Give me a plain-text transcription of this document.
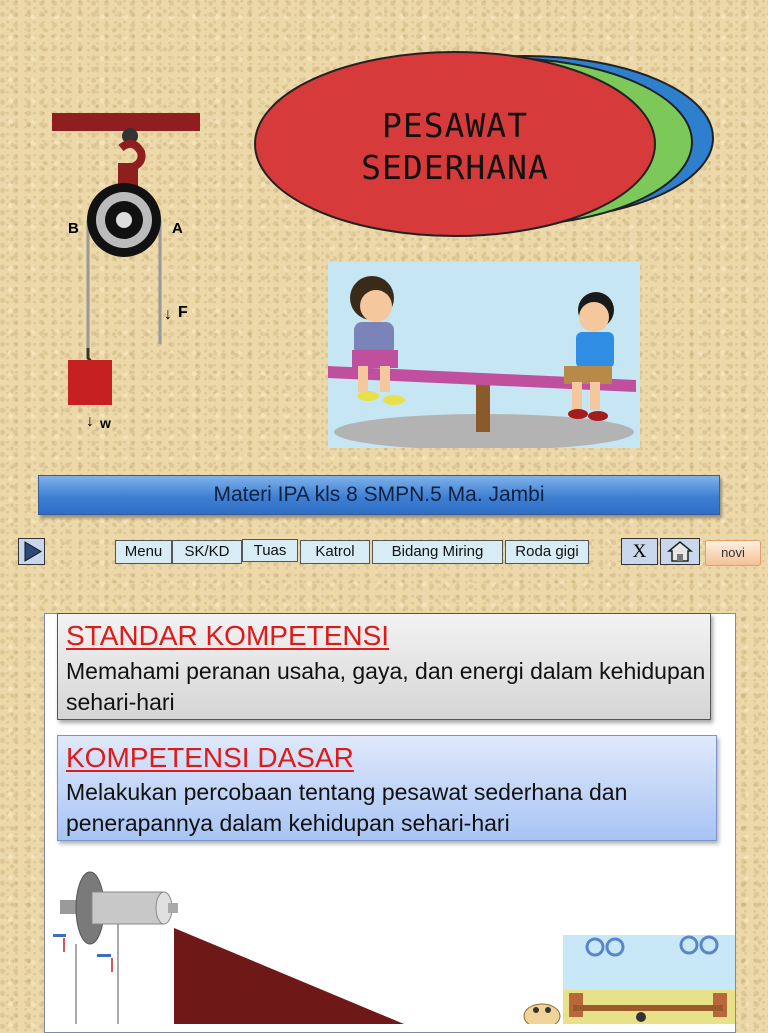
B	A
↓ F
↓ w
PESAWAT
SEDERHANA
Materi IPA kls 8 SMPN.5 Ma. Jambi
Menu	SK/KD	Tuas	Katrol	Bidang Miring	Roda gigi	X	novi
STANDAR KOMPETENSI

Memahami peranan usaha, gaya, dan energi dalam kehidupan sehari-hari

KOMPETENSI DASAR

Melakukan percobaan tentang pesawat sederhana dan penerapannya dalam kehidupan sehari-hari
